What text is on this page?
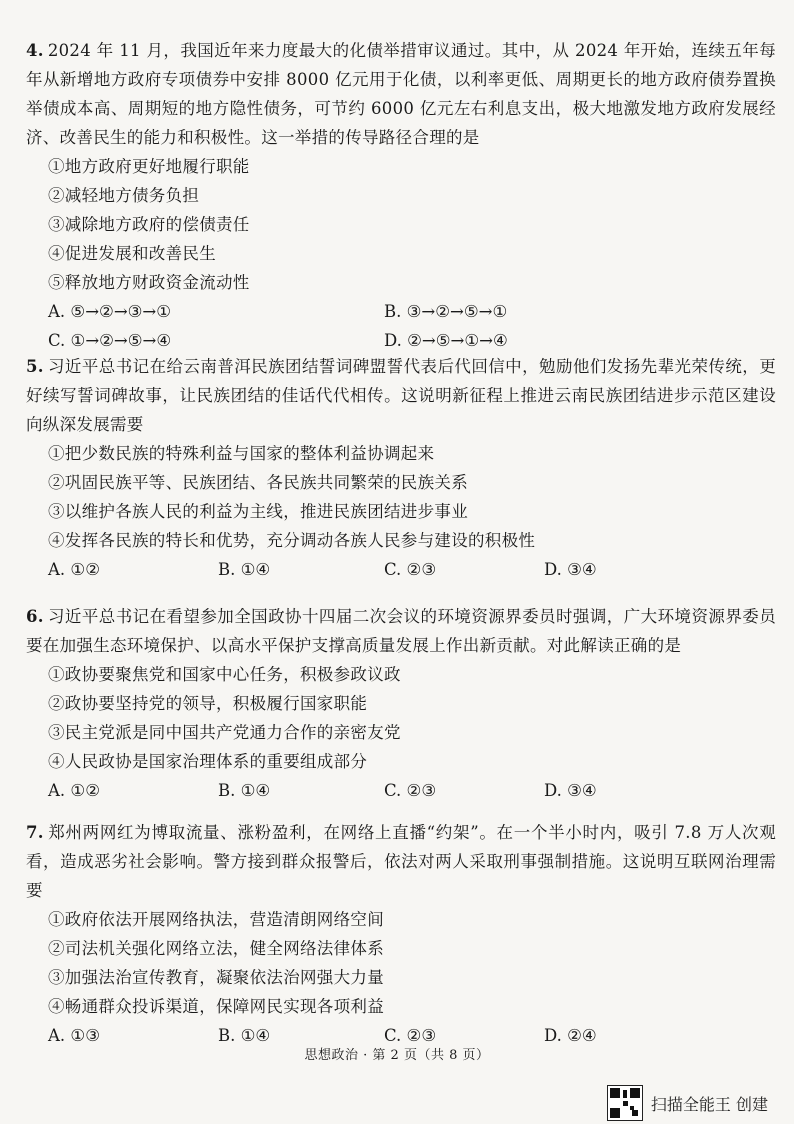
4. 2024 年 11 月，我国近年来力度最大的化债举措审议通过。其中，从 2024 年开始，连续五年每年从新增地方政府专项债券中安排 8000 亿元用于化债，以利率更低、周期更长的地方政府债券置换举债成本高、周期短的地方隐性债务，可节约 6000 亿元左右利息支出，极大地激发地方政府发展经济、改善民生的能力和积极性。这一举措的传导路径合理的是
①地方政府更好地履行职能
②减轻地方债务负担
③减除地方政府的偿债责任
④促进发展和改善民生
⑤释放地方财政资金流动性
A. ⑤→②→③→①	B. ③→②→⑤→①
C. ①→②→⑤→④	D. ②→⑤→①→④
5. 习近平总书记在给云南普洱民族团结誓词碑盟誓代表后代回信中，勉励他们发扬先辈光荣传统，更好续写誓词碑故事，让民族团结的佳话代代相传。这说明新征程上推进云南民族团结进步示范区建设向纵深发展需要
①把少数民族的特殊利益与国家的整体利益协调起来
②巩固民族平等、民族团结、各民族共同繁荣的民族关系
③以维护各族人民的利益为主线，推进民族团结进步事业
④发挥各民族的特长和优势，充分调动各族人民参与建设的积极性
A. ①②	B. ①④	C. ②③	D. ③④
6. 习近平总书记在看望参加全国政协十四届二次会议的环境资源界委员时强调，广大环境资源界委员要在加强生态环境保护、以高水平保护支撑高质量发展上作出新贡献。对此解读正确的是
①政协要聚焦党和国家中心任务，积极参政议政
②政协要坚持党的领导，积极履行国家职能
③民主党派是同中国共产党通力合作的亲密友党
④人民政协是国家治理体系的重要组成部分
A. ①②	B. ①④	C. ②③	D. ③④
7. 郑州两网红为博取流量、涨粉盈利，在网络上直播“约架”。在一个半小时内，吸引 7.8 万人次观看，造成恶劣社会影响。警方接到群众报警后，依法对两人采取刑事强制措施。这说明互联网治理需要
①政府依法开展网络执法，营造清朗网络空间
②司法机关强化网络立法，健全网络法律体系
③加强法治宣传教育，凝聚依法治网强大力量
④畅通群众投诉渠道，保障网民实现各项利益
A. ①③	B. ①④	C. ②③	D. ②④
思想政治 · 第 2 页（共 8 页）
扫描全能王 创建
